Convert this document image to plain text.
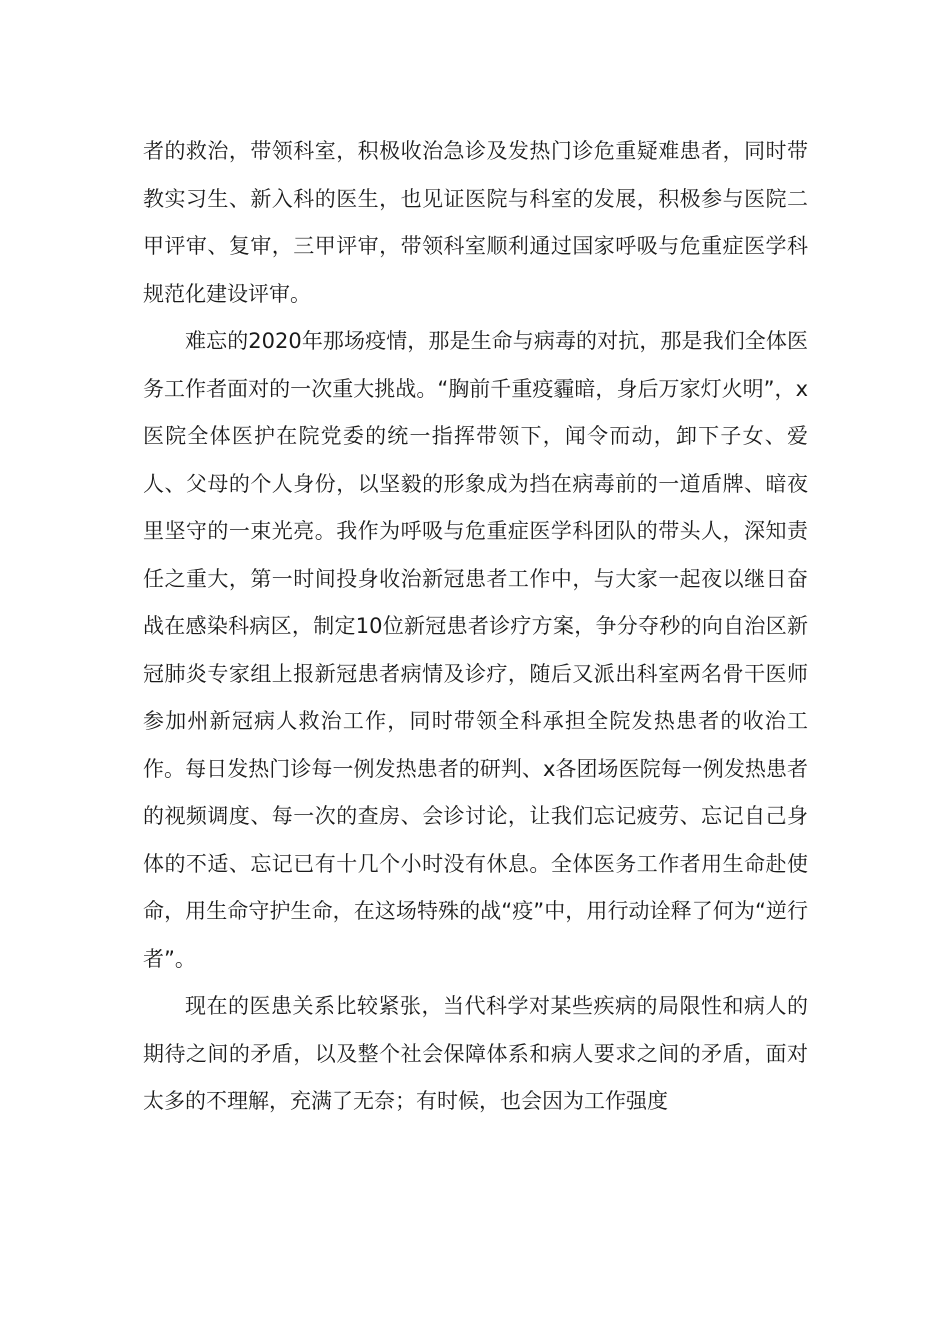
者的救治，带领科室，积极收治急诊及发热门诊危重疑难患者，同时带教实习生、新入科的医生，也见证医院与科室的发展，积极参与医院二甲评审、复审，三甲评审，带领科室顺利通过国家呼吸与危重症医学科规范化建设评审。

难忘的2020年那场疫情，那是生命与病毒的对抗，那是我们全体医务工作者面对的一次重大挑战。“胸前千重疫霾暗，身后万家灯火明”，x医院全体医护在院党委的统一指挥带领下，闻令而动，卸下子女、爱人、父母的个人身份，以坚毅的形象成为挡在病毒前的一道盾牌、暗夜里坚守的一束光亮。我作为呼吸与危重症医学科团队的带头人，深知责任之重大，第一时间投身收治新冠患者工作中，与大家一起夜以继日奋战在感染科病区，制定10位新冠患者诊疗方案，争分夺秒的向自治区新冠肺炎专家组上报新冠患者病情及诊疗，随后又派出科室两名骨干医师参加州新冠病人救治工作，同时带领全科承担全院发热患者的收治工作。每日发热门诊每一例发热患者的研判、x各团场医院每一例发热患者的视频调度、每一次的查房、会诊讨论，让我们忘记疲劳、忘记自己身体的不适、忘记已有十几个小时没有休息。全体医务工作者用生命赴使命，用生命守护生命，在这场特殊的战“疫”中，用行动诠释了何为“逆行者”。

现在的医患关系比较紧张，当代科学对某些疾病的局限性和病人的期待之间的矛盾，以及整个社会保障体系和病人要求之间的矛盾，面对太多的不理解，充满了无奈；有时候，也会因为工作强度
